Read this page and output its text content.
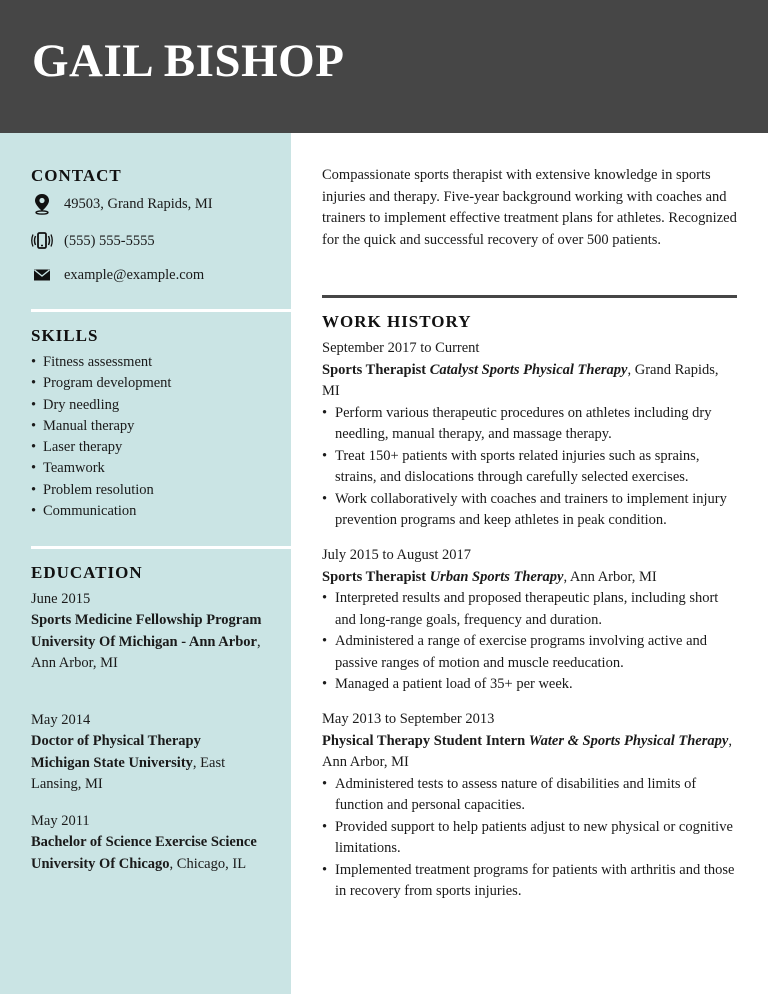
GAIL BISHOP
CONTACT
49503, Grand Rapids, MI
(555) 555-5555
example@example.com
SKILLS
• Fitness assessment
• Program development
• Dry needling
• Manual therapy
• Laser therapy
• Teamwork
• Problem resolution
• Communication
EDUCATION
June 2015
Sports Medicine Fellowship Program
University Of Michigan - Ann Arbor, Ann Arbor, MI
May 2014
Doctor of Physical Therapy
Michigan State University, East Lansing, MI
May 2011
Bachelor of Science Exercise Science
University Of Chicago, Chicago, IL
Compassionate sports therapist with extensive knowledge in sports injuries and therapy. Five-year background working with coaches and trainers to implement effective treatment plans for athletes. Recognized for the quick and successful recovery of over 500 patients.
WORK HISTORY
September 2017 to Current
Sports Therapist Catalyst Sports Physical Therapy, Grand Rapids, MI
• Perform various therapeutic procedures on athletes including dry needling, manual therapy, and massage therapy.
• Treat 150+ patients with sports related injuries such as sprains, strains, and dislocations through carefully selected exercises.
• Work collaboratively with coaches and trainers to implement injury prevention programs and keep athletes in peak condition.
July 2015 to August 2017
Sports Therapist Urban Sports Therapy, Ann Arbor, MI
• Interpreted results and proposed therapeutic plans, including short and long-range goals, frequency and duration.
• Administered a range of exercise programs involving active and passive ranges of motion and muscle reeducation.
• Managed a patient load of 35+ per week.
May 2013 to September 2013
Physical Therapy Student Intern Water & Sports Physical Therapy, Ann Arbor, MI
• Administered tests to assess nature of disabilities and limits of function and personal capacities.
• Provided support to help patients adjust to new physical or cognitive limitations.
• Implemented treatment programs for patients with arthritis and those in recovery from sports injuries.
